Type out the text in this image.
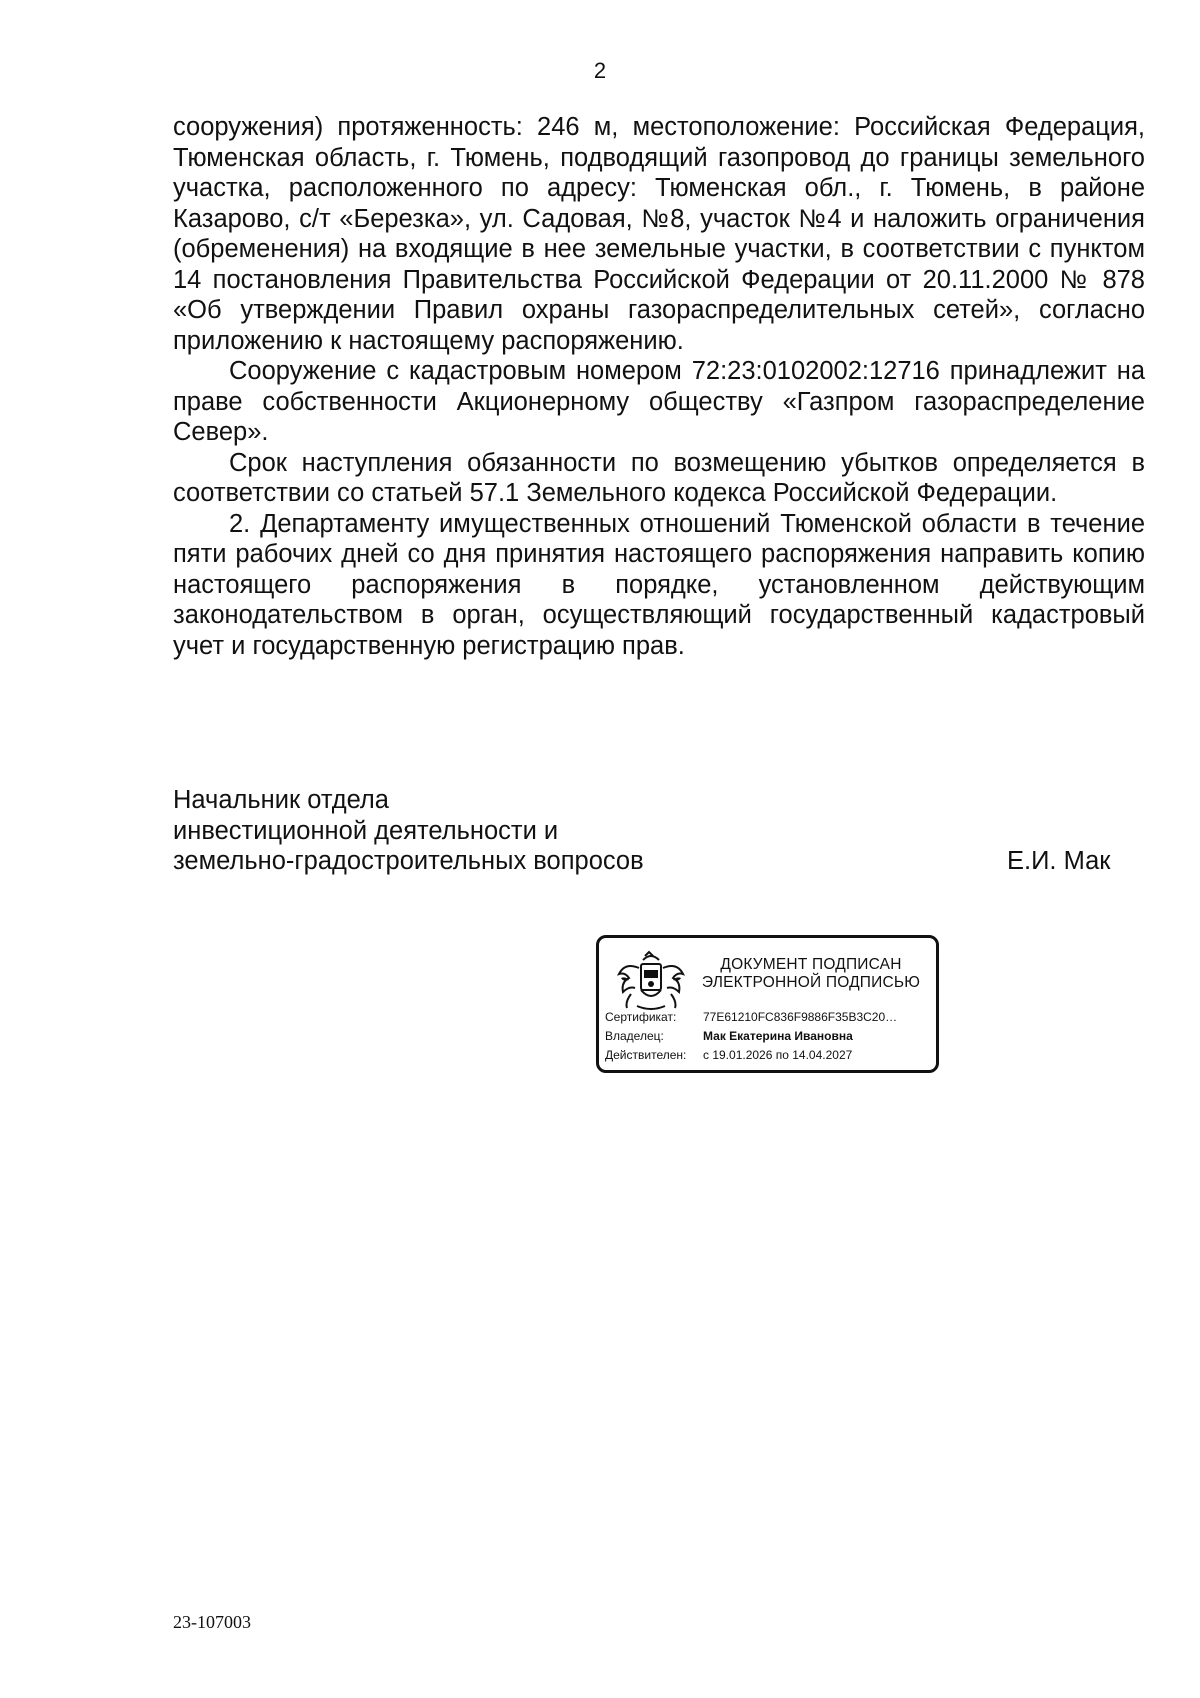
2

сооружения) протяженность: 246 м, местоположение: Российская Федерация, Тюменская область, г. Тюмень, подводящий газопровод до границы земельного участка, расположенного по адресу: Тюменская обл., г. Тюмень, в районе Казарово, с/т «Березка», ул. Садовая, №8, участок №4 и наложить ограничения (обременения) на входящие в нее земельные участки, в соответствии с пунктом 14 постановления Правительства Российской Федерации от 20.11.2000 № 878 «Об утверждении Правил охраны газораспределительных сетей», согласно приложению к настоящему распоряжению.

Сооружение с кадастровым номером 72:23:0102002:12716 принадлежит на праве собственности Акционерному обществу «Газпром газораспределение Север».

Срок наступления обязанности по возмещению убытков определяется в соответствии со статьей 57.1 Земельного кодекса Российской Федерации.

2. Департаменту имущественных отношений Тюменской области в течение пяти рабочих дней со дня принятия настоящего распоряжения направить копию настоящего распоряжения в порядке, установленном действующим законодательством в орган, осуществляющий государственный кадастровый учет и государственную регистрацию прав.

Начальник отдела
инвестиционной деятельности и
земельно-градостроительных вопросов	Е.И. Мак
ДОКУМЕНТ ПОДПИСАН
ЭЛЕКТРОННОЙ ПОДПИСЬЮ
Сертификат: 77E61210FC836F9886F35B3C20…
Владелец:	Мак Екатерина Ивановна
Действителен: с 19.01.2026 по 14.04.2027
23-107003
